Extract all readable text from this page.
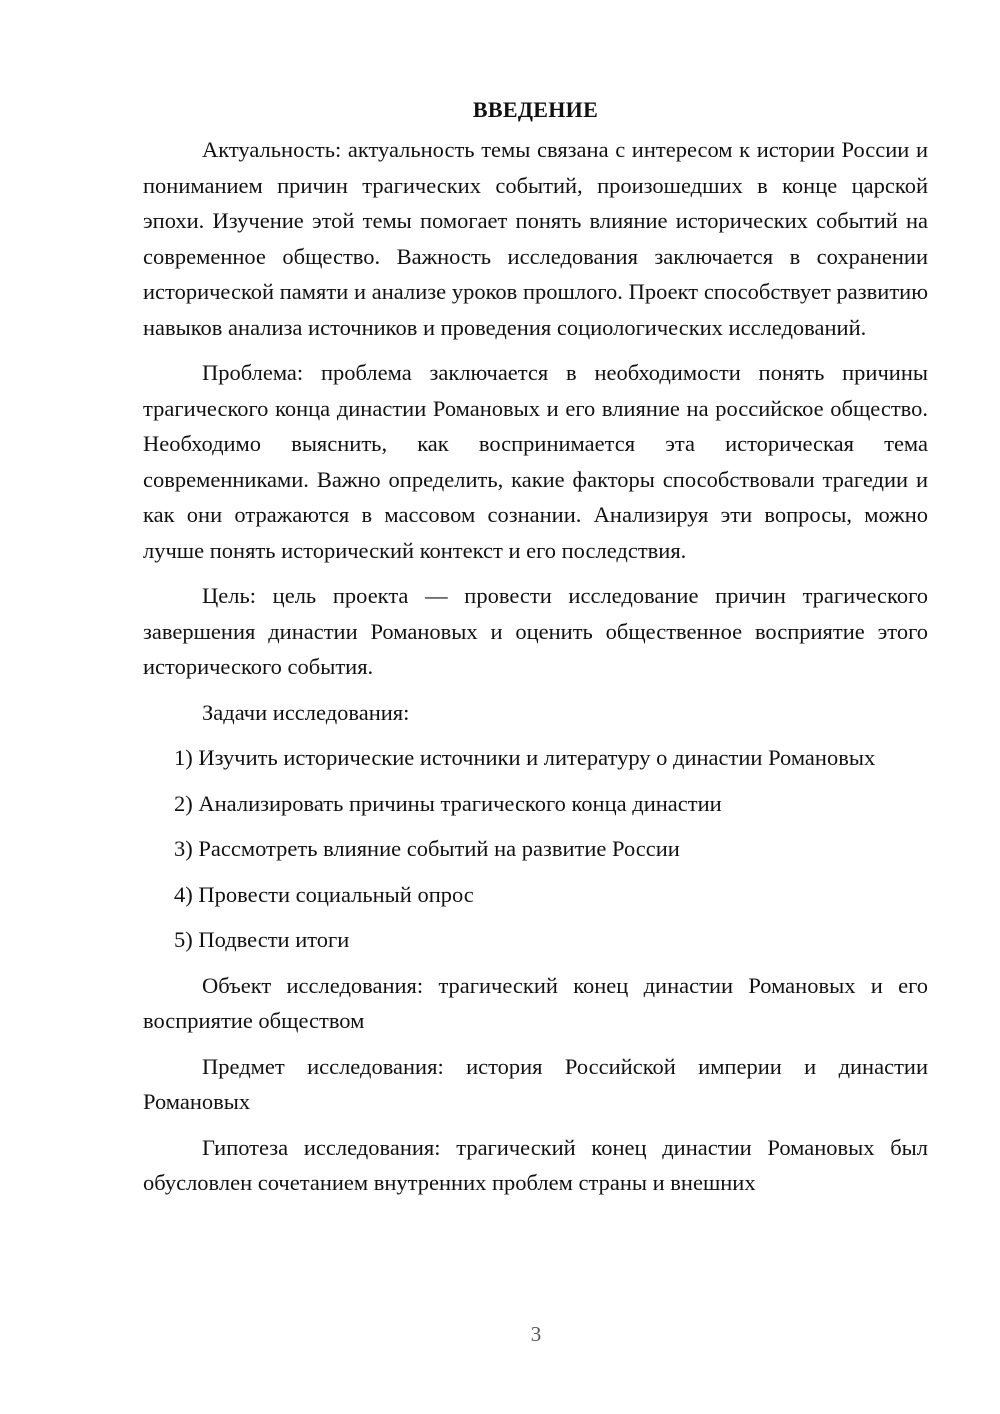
ВВЕДЕНИЕ

Актуальность: актуальность темы связана с интересом к истории России и пониманием причин трагических событий, произошедших в конце царской эпохи. Изучение этой темы помогает понять влияние исторических событий на современное общество. Важность исследования заключается в сохранении исторической памяти и анализе уроков прошлого. Проект способствует развитию навыков анализа источников и проведения социологических исследований.

Проблема: проблема заключается в необходимости понять причины трагического конца династии Романовых и его влияние на российское общество. Необходимо выяснить, как воспринимается эта историческая тема современниками. Важно определить, какие факторы способствовали трагедии и как они отражаются в массовом сознании. Анализируя эти вопросы, можно лучше понять исторический контекст и его последствия.

Цель: цель проекта — провести исследование причин трагического завершения династии Романовых и оценить общественное восприятие этого исторического события.

Задачи исследования:

1) Изучить исторические источники и литературу о династии Романовых

2) Анализировать причины трагического конца династии

3) Рассмотреть влияние событий на развитие России

4) Провести социальный опрос

5) Подвести итоги

Объект исследования: трагический конец династии Романовых и его восприятие обществом

Предмет исследования: история Российской империи и династии Романовых

Гипотеза исследования: трагический конец династии Романовых был обусловлен сочетанием внутренних проблем страны и внешних

3
